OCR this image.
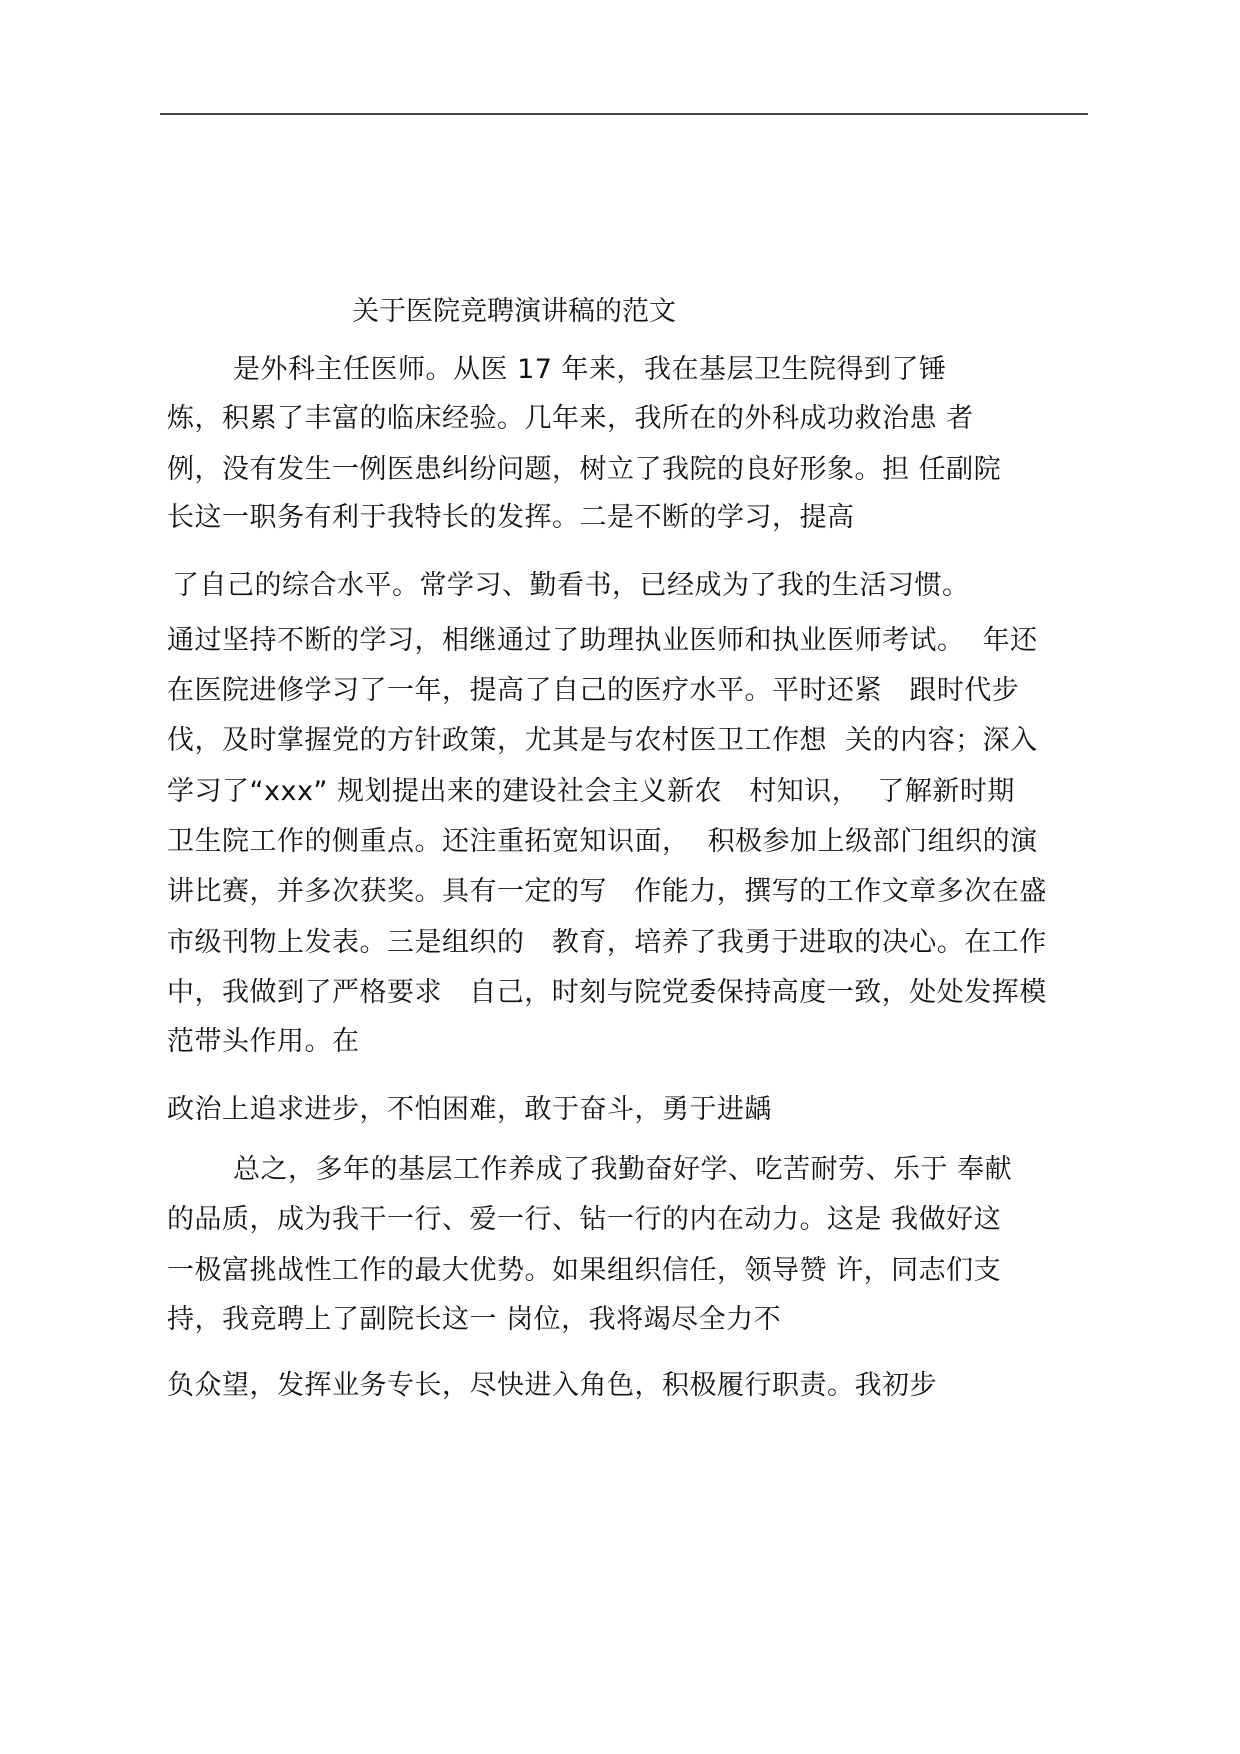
关于医院竞聘演讲稿的范文
是外科主任医师。从医 17 年来，我在基层卫生院得到了锤
炼，积累了丰富的临床经验。几年来，我所在的外科成功救治患 者
例，没有发生一例医患纠纷问题，树立了我院的良好形象。担 任副院
长这一职务有利于我特长的发挥。二是不断的学习，提高
了自己的综合水平。常学习、勤看书，已经成为了我的生活习惯。
通过坚持不断的学习，相继通过了助理执业医师和执业医师考试。  年还
在医院进修学习了一年，提高了自己的医疗水平。平时还紧   跟时代步
伐，及时掌握党的方针政策，尤其是与农村医卫工作想  关的内容；深入
学习了“xxx” 规划提出来的建设社会主义新农   村知识，  了解新时期
卫生院工作的侧重点。还注重拓宽知识面，  积极参加上级部门组织的演
讲比赛，并多次获奖。具有一定的写   作能力，撰写的工作文章多次在盛
市级刊物上发表。三是组织的   教育，培养了我勇于进取的决心。在工作
中，我做到了严格要求   自己，时刻与院党委保持高度一致，处处发挥模
范带头作用。在
政治上追求进步，不怕困难，敢于奋斗，勇于进龋
总之，多年的基层工作养成了我勤奋好学、吃苦耐劳、乐于 奉献
的品质，成为我干一行、爱一行、钻一行的内在动力。这是 我做好这
一极富挑战性工作的最大优势。如果组织信任，领导赞 许，同志们支
持，我竞聘上了副院长这一 岗位，我将竭尽全力不
负众望，发挥业务专长，尽快进入角色，积极履行职责。我初步
